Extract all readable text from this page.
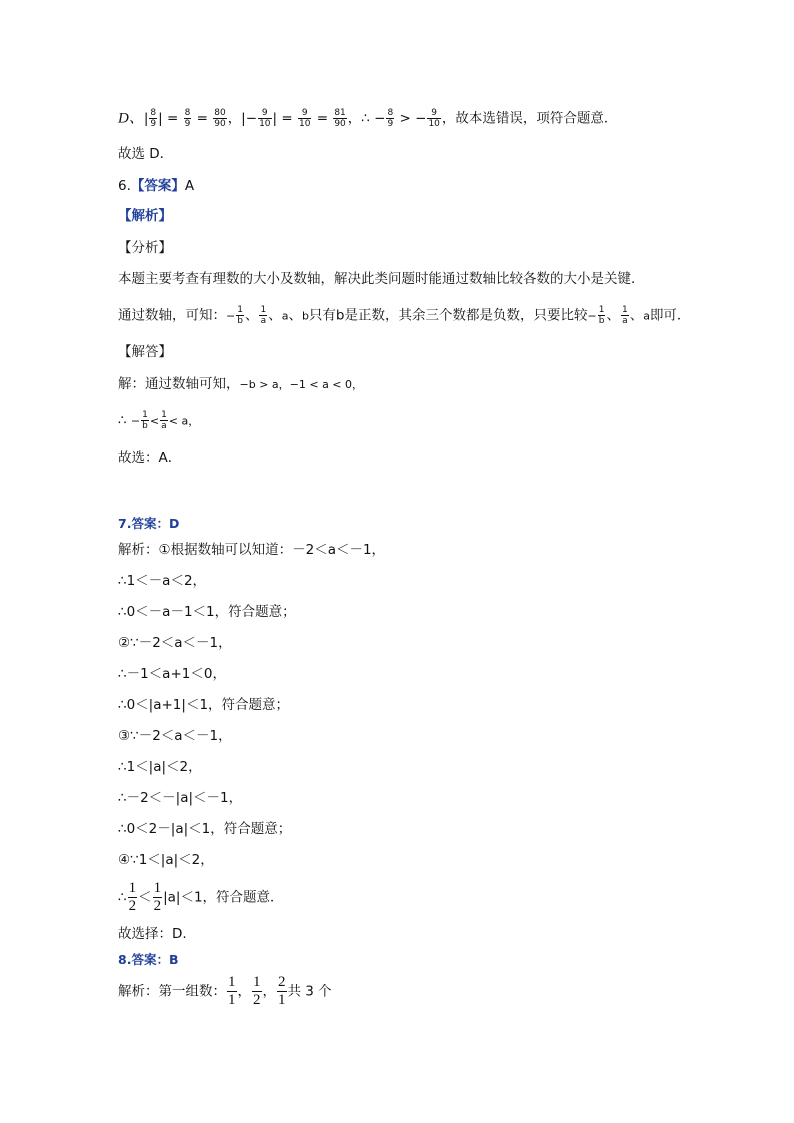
D、| $\frac{8}{9}$ | = $\frac{8}{9} = \frac{80}{90}$ ，|− $\frac{9}{10}$ | = $\frac{9}{10} = \frac{81}{90}$ ，∴ − $\frac{8}{9}$ > − $\frac{9}{10}$ ，故本选错误，项符合题意．
故选 D．
6.【答案】A
【解析】
【分析】
本题主要考查有理数的大小及数轴，解决此类问题时能通过数轴比较各数的大小是关键．
通过数轴，可知：− $\frac{1}{b}$ 、 $\frac{1}{a}$ 、a、b只有b是正数，其余三个数都是负数，只要比较− $\frac{1}{b}$ 、 $\frac{1}{a}$ 、a即可．
【解答】
解：通过数轴可知，−b > a，−1 < a < 0，
∴ − $\frac{1}{b} < \frac{1}{a} < a$，
故选：A．
7.答案：D
解析：①根据数轴可以知道：－2＜a＜－1，
∴1＜－a＜2，
∴0＜－a－1＜1，符合题意；
②∵－2＜a＜－1，
∴－1＜a+1＜0，
∴0＜|a+1|＜1，符合题意；
③∵－2＜a＜－1，
∴1＜|a|＜2，
∴－2＜－|a|＜－1，
∴0＜2－|a|＜1，符合题意；
④∵1＜|a|＜2，
∴ $\frac{1}{2} < \frac{1}{2} |a|<1$，符合题意．
故选择：D.
8.答案：B
解析：第一组数： $\frac{1}{1}$ ， $\frac{1}{2}$ ， $\frac{2}{1}$ 共 3 个
